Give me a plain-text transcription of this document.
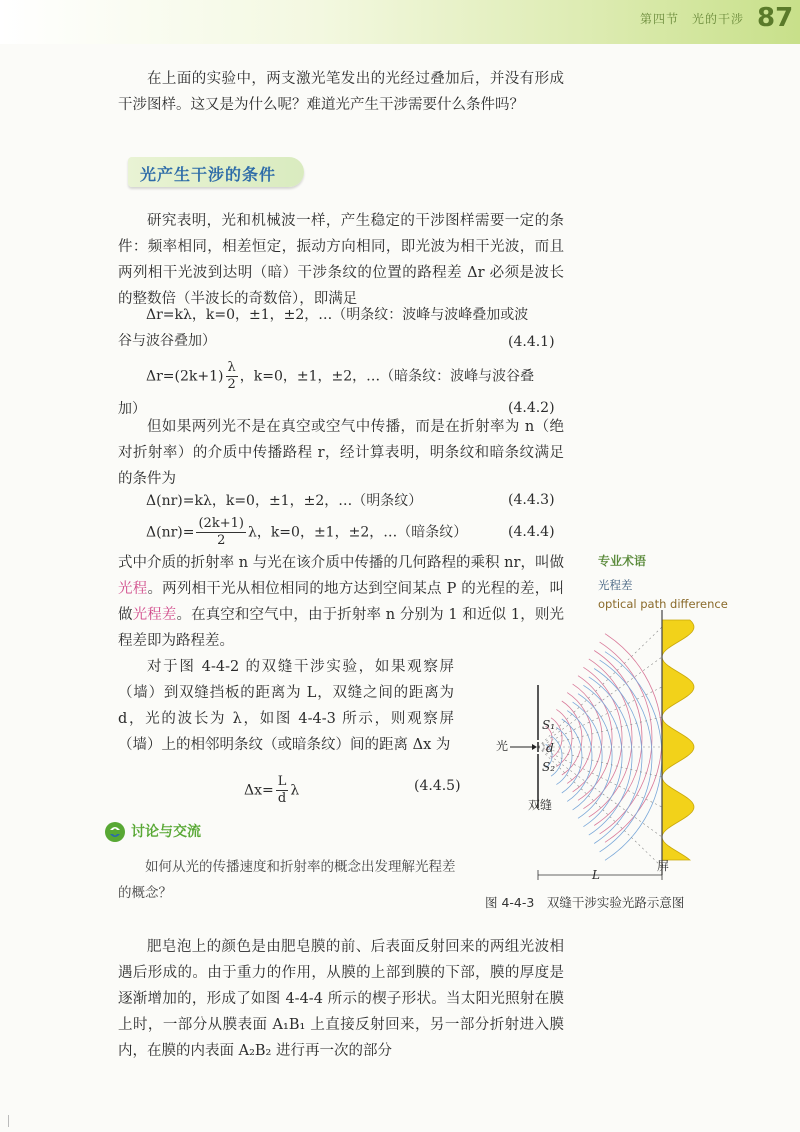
第四节　光的干涉 87

在上面的实验中，两支激光笔发出的光经过叠加后，并没有形成干涉图样。这又是为什么呢？难道光产生干涉需要什么条件吗？

光产生干涉的条件

研究表明，光和机械波一样，产生稳定的干涉图样需要一定的条件：频率相同，相差恒定，振动方向相同，即光波为相干光波，而且两列相干光波到达明（暗）干涉条纹的位置的路程差 Δr 必须是波长的整数倍（半波长的奇数倍），即满足

Δr=kλ，k=0，±1，±2，…（明条纹：波峰与波峰叠加或波
谷与波谷叠加）	(4.4.1)
$\Delta r=(2k+1) \frac{\lambda}{2}$ ，k=0，±1，±2，…（暗条纹：波峰与波谷叠
加）	(4.4.2)

但如果两列光不是在真空或空气中传播，而是在折射率为 n（绝对折射率）的介质中传播路程 r，经计算表明，明条纹和暗条纹满足的条件为

Δ(nr)=kλ，k=0，±1，±2，…（明条纹）	(4.4.3)
$\Delta(nr)= \frac{(2k+1)}{2}$ λ，k=0，±1，±2，…（暗条纹）	(4.4.4)

式中介质的折射率 n 与光在该介质中传播的几何路程的乘积 nr，叫做光程。两列相干光从相位相同的地方达到空间某点 P 的光程的差，叫做光程差。在真空和空气中，由于折射率 n 分别为 1 和近似 1，则光程差即为路程差。

对于图 4-4-2 的双缝干涉实验，如果观察屏（墙）到双缝挡板的距离为 L，双缝之间的距离为 d，光的波长为 λ，如图 4-4-3 所示，则观察屏（墙）上的相邻明条纹（或暗条纹）间的距离 Δx 为

$\Delta x= \frac{L}{d}$ λ	(4.4.5)
专业术语
光程差
optical path difference
讨论与交流

如何从光的传播速度和折射率的概念出发理解光程差的概念？

光
S₁
d
S₂
双缝
屏
L
图 4-4-3　双缝干涉实验光路示意图

肥皂泡上的颜色是由肥皂膜的前、后表面反射回来的两组光波相遇后形成的。由于重力的作用，从膜的上部到膜的下部，膜的厚度是逐渐增加的，形成了如图 4-4-4 所示的楔子形状。当太阳光照射在膜上时，一部分从膜表面 A₁B₁ 上直接反射回来，另一部分折射进入膜内，在膜的内表面 A₂B₂ 进行再一次的部分
